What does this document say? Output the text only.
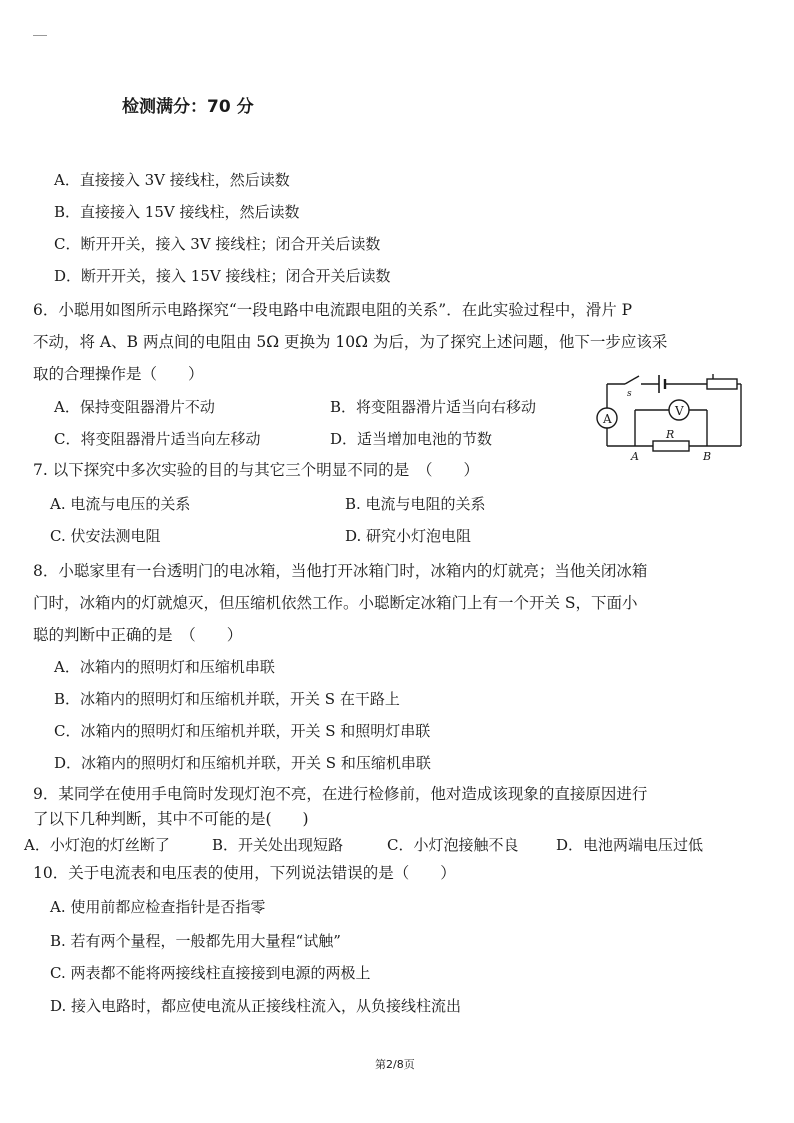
检测满分：70 分
A．直接接入 3V 接线柱，然后读数
B．直接接入 15V 接线柱，然后读数
C．断开开关，接入 3V 接线柱；闭合开关后读数
D．断开开关，接入 15V 接线柱；闭合开关后读数
6．小聪用如图所示电路探究“一段电路中电流跟电阻的关系”．在此实验过程中，滑片 P
不动，将 A、B 两点间的电阻由 5Ω 更换为 10Ω 为后，为了探究上述问题，他下一步应该采
取的合理操作是（　　）
A．保持变阻器滑片不动	B．将变阻器滑片适当向右移动
C．将变阻器滑片适当向左移动	D．适当增加电池的节数
s
A
V
R
A	B
7. 以下探究中多次实验的目的与其它三个明显不同的是　（　　）
A. 电流与电压的关系	B. 电流与电阻的关系
C. 伏安法测电阻	D. 研究小灯泡电阻
8．小聪家里有一台透明门的电冰箱，当他打开冰箱门时，冰箱内的灯就亮；当他关闭冰箱
门时，冰箱内的灯就熄灭，但压缩机依然工作。小聪断定冰箱门上有一个开关 S，下面小
聪的判断中正确的是　（　　）
A．冰箱内的照明灯和压缩机串联
B．冰箱内的照明灯和压缩机并联，开关 S 在干路上
C．冰箱内的照明灯和压缩机并联，开关 S 和照明灯串联
D．冰箱内的照明灯和压缩机并联，开关 S 和压缩机串联
9．某同学在使用手电筒时发现灯泡不亮，在进行检修前，他对造成该现象的直接原因进行
了以下几种判断，其中不可能的是(　　)
A．小灯泡的灯丝断了	B．开关处出现短路	C．小灯泡接触不良	D．电池两端电压过低
10．关于电流表和电压表的使用，下列说法错误的是（　　）
A. 使用前都应检查指针是否指零
B. 若有两个量程，一般都先用大量程“试触”
C. 两表都不能将两接线柱直接接到电源的两极上
D. 接入电路时，都应使电流从正接线柱流入，从负接线柱流出
第2/8页
